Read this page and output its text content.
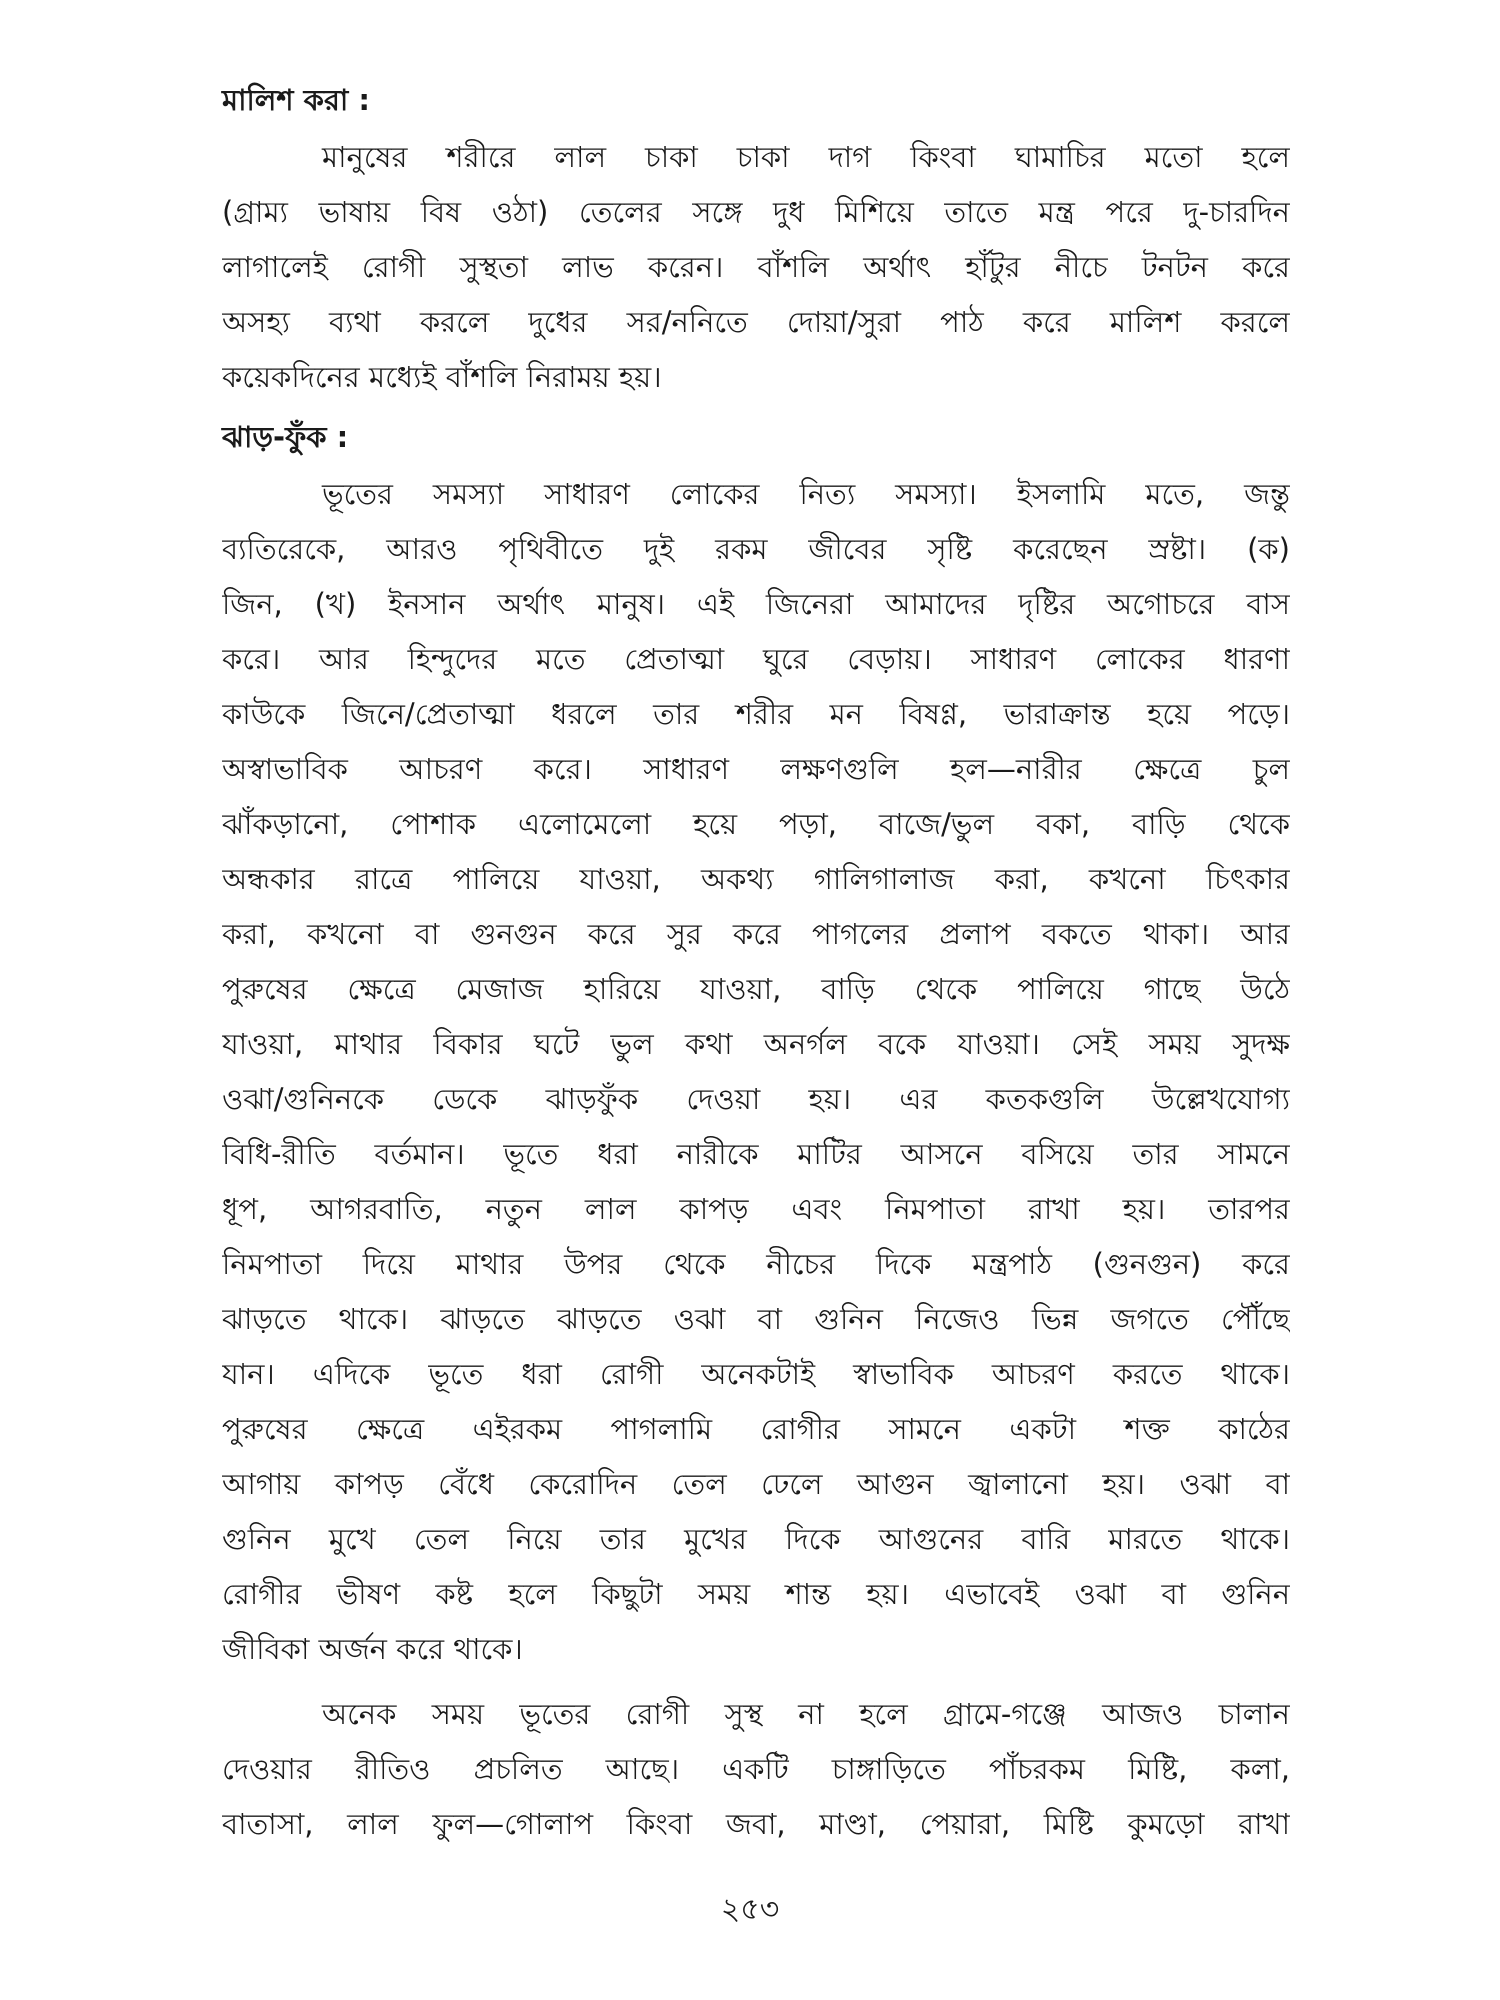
মালিশ করা :
মানুষের শরীরে লাল চাকা চাকা দাগ কিংবা ঘামাচির মতো হলে
(গ্রাম্য ভাষায় বিষ ওঠা) তেলের সঙ্গে দুধ মিশিয়ে তাতে মন্ত্র পরে দু-চারদিন
লাগালেই রোগী সুস্থতা লাভ করেন। বাঁশলি অর্থাৎ হাঁটুর নীচে টনটন করে
অসহ্য ব্যথা করলে দুধের সর/ননিতে দোয়া/সুরা পাঠ করে মালিশ করলে
কয়েকদিনের মধ্যেই বাঁশলি নিরাময় হয়।
ঝাড়-ফুঁক :
ভূতের সমস্যা সাধারণ লোকের নিত্য সমস্যা। ইসলামি মতে, জন্তু
ব্যতিরেকে, আরও পৃথিবীতে দুই রকম জীবের সৃষ্টি করেছেন স্রষ্টা। (ক)
জিন, (খ) ইনসান অর্থাৎ মানুষ। এই জিনেরা আমাদের দৃষ্টির অগোচরে বাস
করে। আর হিন্দুদের মতে প্রেতাত্মা ঘুরে বেড়ায়। সাধারণ লোকের ধারণা
কাউকে জিনে/প্রেতাত্মা ধরলে তার শরীর মন বিষণ্ণ, ভারাক্রান্ত হয়ে পড়ে।
অস্বাভাবিক আচরণ করে। সাধারণ লক্ষণগুলি হল—নারীর ক্ষেত্রে চুল
ঝাঁকড়ানো, পোশাক এলোমেলো হয়ে পড়া, বাজে/ভুল বকা, বাড়ি থেকে
অন্ধকার রাত্রে পালিয়ে যাওয়া, অকথ্য গালিগালাজ করা, কখনো চিৎকার
করা, কখনো বা গুনগুন করে সুর করে পাগলের প্রলাপ বকতে থাকা। আর
পুরুষের ক্ষেত্রে মেজাজ হারিয়ে যাওয়া, বাড়ি থেকে পালিয়ে গাছে উঠে
যাওয়া, মাথার বিকার ঘটে ভুল কথা অনর্গল বকে যাওয়া। সেই সময় সুদক্ষ
ওঝা/গুনিনকে ডেকে ঝাড়ফুঁক দেওয়া হয়। এর কতকগুলি উল্লেখযোগ্য
বিধি-রীতি বর্তমান। ভূতে ধরা নারীকে মাটির আসনে বসিয়ে তার সামনে
ধূপ, আগরবাতি, নতুন লাল কাপড় এবং নিমপাতা রাখা হয়। তারপর
নিমপাতা দিয়ে মাথার উপর থেকে নীচের দিকে মন্ত্রপাঠ (গুনগুন) করে
ঝাড়তে থাকে। ঝাড়তে ঝাড়তে ওঝা বা গুনিন নিজেও ভিন্ন জগতে পৌঁছে
যান। এদিকে ভূতে ধরা রোগী অনেকটাই স্বাভাবিক আচরণ করতে থাকে।
পুরুষের ক্ষেত্রে এইরকম পাগলামি রোগীর সামনে একটা শক্ত কাঠের
আগায় কাপড় বেঁধে কেরোদিন তেল ঢেলে আগুন জ্বালানো হয়। ওঝা বা
গুনিন মুখে তেল নিয়ে তার মুখের দিকে আগুনের বারি মারতে থাকে।
রোগীর ভীষণ কষ্ট হলে কিছুটা সময় শান্ত হয়। এভাবেই ওঝা বা গুনিন
জীবিকা অর্জন করে থাকে।
অনেক সময় ভূতের রোগী সুস্থ না হলে গ্রামে-গঞ্জে আজও চালান
দেওয়ার রীতিও প্রচলিত আছে। একটি চাঙ্গাড়িতে পাঁচরকম মিষ্টি, কলা,
বাতাসা, লাল ফুল—গোলাপ কিংবা জবা, মাণ্ডা, পেয়ারা, মিষ্টি কুমড়ো রাখা
২৫৩
